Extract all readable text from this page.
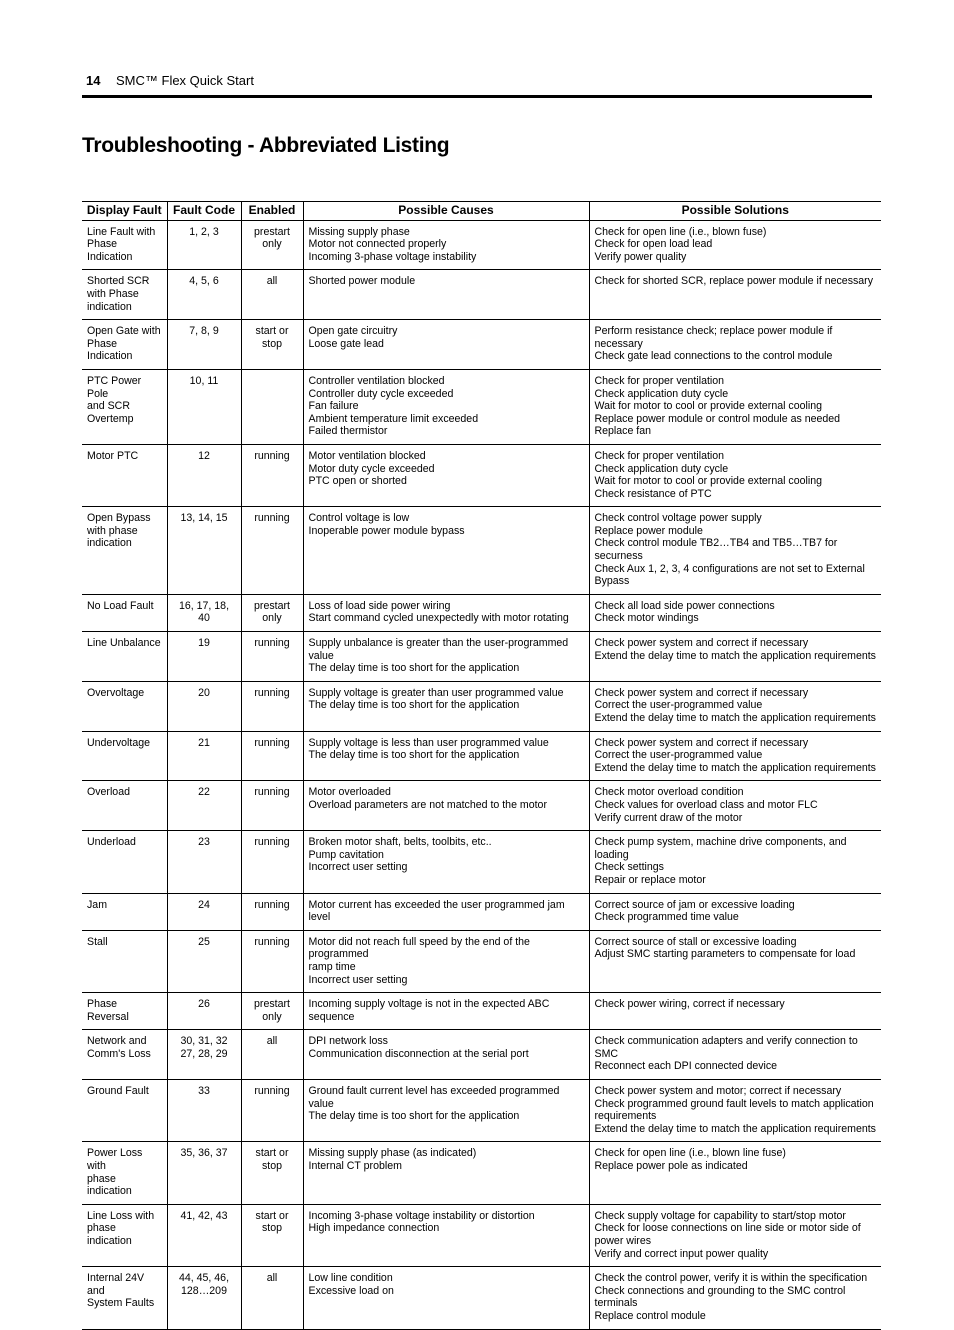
14 SMC™ Flex Quick Start
Troubleshooting - Abbreviated Listing
Display Fault	Fault Code	Enabled	Possible Causes	Possible Solutions

Line Fault with
Phase Indication	1, 2, 3	prestart
only	Missing supply phase
Motor not connected properly
Incoming 3-phase voltage instability	Check for open line (i.e., blown fuse)
Check for open load lead
Verify power quality

Shorted SCR
with Phase
indication	4, 5, 6	all	Shorted power module	Check for shorted SCR, replace power module if necessary

Open Gate with
Phase Indication	7, 8, 9	start or
stop	Open gate circuitry
Loose gate lead	Perform resistance check; replace power module if necessary
Check gate lead connections to the control module

PTC Power Pole
and SCR
Overtemp	10, 11		Controller ventilation blocked
Controller duty cycle exceeded
Fan failure
Ambient temperature limit exceeded
Failed thermistor	Check for proper ventilation
Check application duty cycle
Wait for motor to cool or provide external cooling
Replace power module or control module as needed
Replace fan

Motor PTC	12	running	Motor ventilation blocked
Motor duty cycle exceeded
PTC open or shorted	Check for proper ventilation
Check application duty cycle
Wait for motor to cool or provide external cooling
Check resistance of PTC

Open Bypass
with phase
indication	13, 14, 15	running	Control voltage is low
Inoperable power module bypass	Check control voltage power supply
Replace power module
Check control module TB2…TB4 and TB5…TB7 for securness
Check Aux 1, 2, 3, 4 configurations are not set to External
Bypass

No Load Fault	16, 17, 18, 40	prestart
only	Loss of load side power wiring
Start command cycled unexpectedly with motor rotating	Check all load side power connections
Check motor windings

Line Unbalance	19	running	Supply unbalance is greater than the user-programmed value
The delay time is too short for the application	Check power system and correct if necessary
Extend the delay time to match the application requirements

Overvoltage	20	running	Supply voltage is greater than user programmed value
The delay time is too short for the application	Check power system and correct if necessary
Correct the user-programmed value
Extend the delay time to match the application requirements

Undervoltage	21	running	Supply voltage is less than user programmed value
The delay time is too short for the application	Check power system and correct if necessary
Correct the user-programmed value
Extend the delay time to match the application requirements

Overload	22	running	Motor overloaded
Overload parameters are not matched to the motor	Check motor overload condition
Check values for overload class and motor FLC
Verify current draw of the motor

Underload	23	running	Broken motor shaft, belts, toolbits, etc..
Pump cavitation
Incorrect user setting	Check pump system, machine drive components, and loading
Check settings
Repair or replace motor

Jam	24	running	Motor current has exceeded the user programmed jam level	Correct source of jam or excessive loading
Check programmed time value

Stall	25	running	Motor did not reach full speed by the end of the programmed
ramp time
Incorrect user setting	Correct source of stall or excessive loading
Adjust SMC starting parameters to compensate for load

Phase Reversal	26	prestart
only	Incoming supply voltage is not in the expected ABC sequence	Check power wiring, correct if necessary

Network and
Comm's Loss	30, 31, 32
27, 28, 29	all	DPI network loss
Communication disconnection at the serial port	Check communication adapters and verify connection to SMC
Reconnect each DPI connected device

Ground Fault	33	running	Ground fault current level has exceeded programmed value
The delay time is too short for the application	Check power system and motor; correct if necessary
Check programmed ground fault levels to match application
requirements
Extend the delay time to match the application requirements

Power Loss with
phase indication	35, 36, 37	start or
stop	Missing supply phase (as indicated)
Internal CT problem	Check for open line (i.e., blown line fuse)
Replace power pole as indicated

Line Loss with
phase indication	41, 42, 43	start or
stop	Incoming 3-phase voltage instability or distortion
High impedance connection	Check supply voltage for capability to start/stop motor
Check for loose connections on line side or motor side of
power wires
Verify and correct input power quality

Internal 24V and
System Faults	44, 45, 46,
128…209	all	Low line condition
Excessive load on	Check the control power, verify it is within the specification
Check connections and grounding to the SMC control
terminals
Replace control module
